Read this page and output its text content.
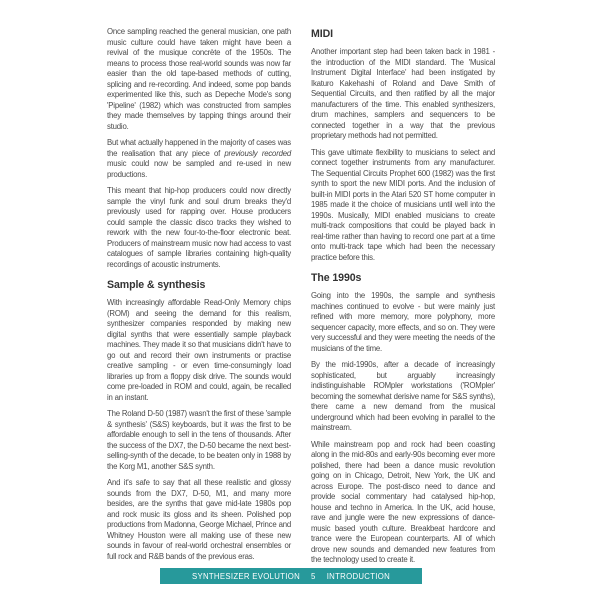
Once sampling reached the general musician, one path music culture could have taken might have been a revival of the musique concrète of the 1950s. The means to process those real-world sounds was now far easier than the old tape-based methods of cutting, splicing and re-recording. And indeed, some pop bands experimented like this, such as Depeche Mode's song 'Pipeline' (1982) which was constructed from samples they made themselves by tapping things around their studio.

But what actually happened in the majority of cases was the realisation that any piece of previously recorded music could now be sampled and re-used in new productions.

This meant that hip-hop producers could now directly sample the vinyl funk and soul drum breaks they'd previously used for rapping over. House producers could sample the classic disco tracks they wished to rework with the new four-to-the-floor electronic beat. Producers of mainstream music now had access to vast catalogues of sample libraries containing high-quality recordings of acoustic instruments.

Sample & synthesis

With increasingly affordable Read-Only Memory chips (ROM) and seeing the demand for this realism, synthesizer companies responded by making new digital synths that were essentially sample playback machines. They made it so that musicians didn't have to go out and record their own instruments or practise creative sampling - or even time-consumingly load libraries up from a floppy disk drive. The sounds would come pre-loaded in ROM and could, again, be recalled in an instant.

The Roland D-50 (1987) wasn't the first of these 'sample & synthesis' (S&S) keyboards, but it was the first to be affordable enough to sell in the tens of thousands. After the success of the DX7, the D-50 became the next best-selling-synth of the decade, to be beaten only in 1988 by the Korg M1, another S&S synth.

And it's safe to say that all these realistic and glossy sounds from the DX7, D-50, M1, and many more besides, are the synths that gave mid-late 1980s pop and rock music its gloss and its sheen. Polished pop productions from Madonna, George Michael, Prince and Whitney Houston were all making use of these new sounds in favour of real-world orchestral ensembles or full rock and R&B bands of the previous eras.

MIDI

Another important step had been taken back in 1981 - the introduction of the MIDI standard. The 'Musical Instrument Digital Interface' had been instigated by Ikaturo Kakehashi of Roland and Dave Smith of Sequential Circuits, and then ratified by all the major manufacturers of the time. This enabled synthesizers, drum machines, samplers and sequencers to be connected together in a way that the previous proprietary methods had not permitted.

This gave ultimate flexibility to musicians to select and connect together instruments from any manufacturer. The Sequential Circuits Prophet 600 (1982) was the first synth to sport the new MIDI ports. And the inclusion of built-in MIDI ports in the Atari 520 ST home computer in 1985 made it the choice of musicians until well into the 1990s. Musically, MIDI enabled musicians to create multi-track compositions that could be played back in real-time rather than having to record one part at a time onto multi-track tape which had been the necessary practice before this.

The 1990s

Going into the 1990s, the sample and synthesis machines continued to evolve - but were mainly just refined with more memory, more polyphony, more sequencer capacity, more effects, and so on. They were very successful and they were meeting the needs of the musicians of the time.

By the mid-1990s, after a decade of increasingly sophisticated, but arguably increasingly indistinguishable ROMpler workstations ('ROMpler' becoming the somewhat derisive name for S&S synths), there came a new demand from the musical underground which had been evolving in parallel to the mainstream.

While mainstream pop and rock had been coasting along in the mid-80s and early-90s becoming ever more polished, there had been a dance music revolution going on in Chicago, Detroit, New York, the UK and across Europe. The post-disco need to dance and provide social commentary had catalysed hip-hop, house and techno in America. In the UK, acid house, rave and jungle were the new expressions of dance-music based youth culture. Breakbeat hardcore and trance were the European counterparts. All of which drove new sounds and demanded new features from the technology used to create it.

SYNTHESIZER EVOLUTION 5 INTRODUCTION
